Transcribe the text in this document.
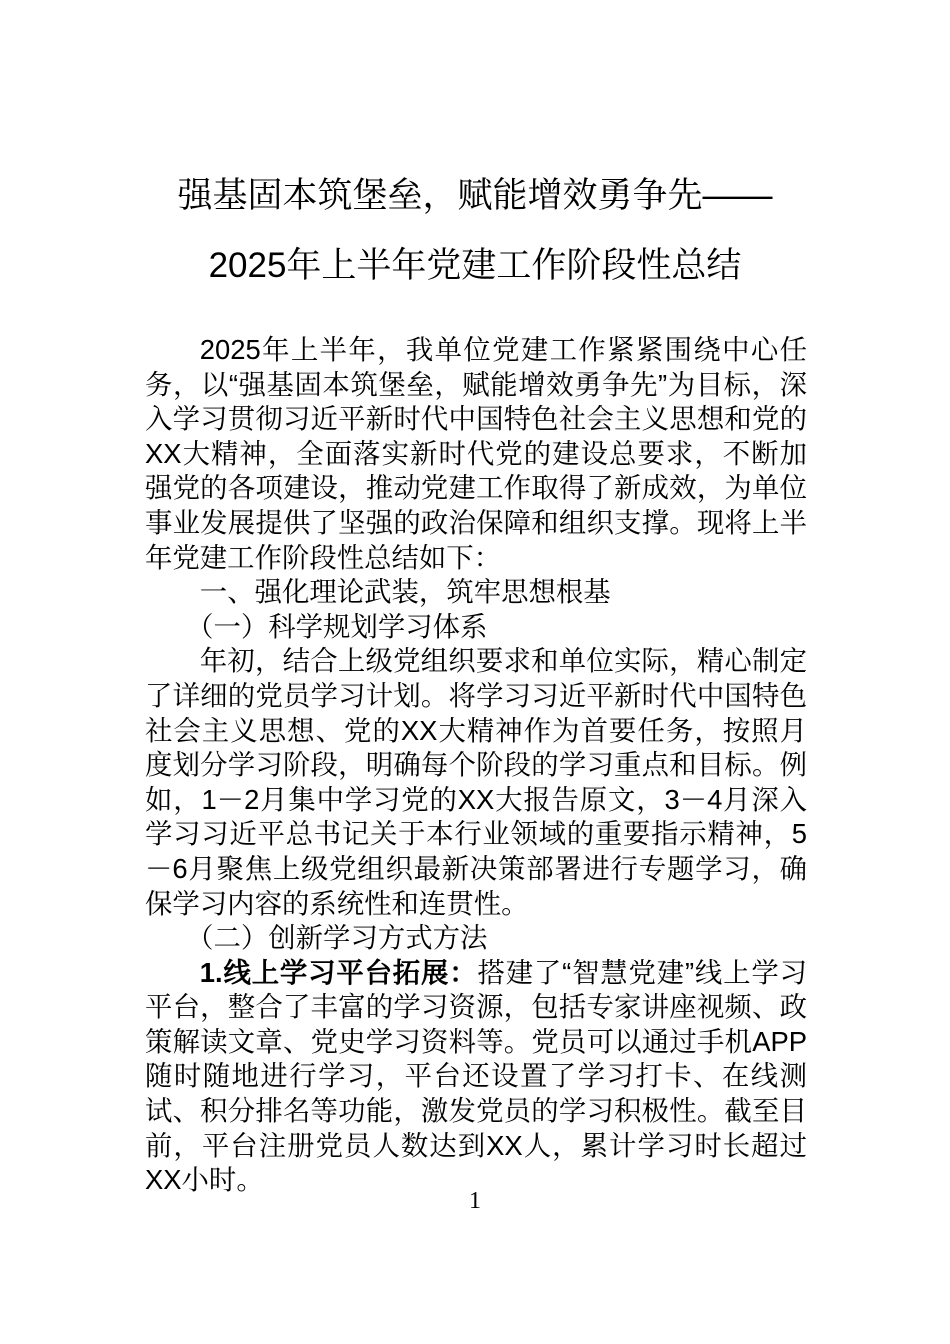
强基固本筑堡垒，赋能增效勇争先——
2025年上半年党建工作阶段性总结

2025年上半年，我单位党建工作紧紧围绕中心任务，以“强基固本筑堡垒，赋能增效勇争先”为目标，深入学习贯彻习近平新时代中国特色社会主义思想和党的XX大精神，全面落实新时代党的建设总要求，不断加强党的各项建设，推动党建工作取得了新成效，为单位事业发展提供了坚强的政治保障和组织支撑。现将上半年党建工作阶段性总结如下：

一、强化理论武装，筑牢思想根基

（一）科学规划学习体系

年初，结合上级党组织要求和单位实际，精心制定了详细的党员学习计划。将学习习近平新时代中国特色社会主义思想、党的XX大精神作为首要任务，按照月度划分学习阶段，明确每个阶段的学习重点和目标。例如，1－2月集中学习党的XX大报告原文，3－4月深入学习习近平总书记关于本行业领域的重要指示精神，5－6月聚焦上级党组织最新决策部署进行专题学习，确保学习内容的系统性和连贯性。

（二）创新学习方式方法

1.线上学习平台拓展：搭建了“智慧党建”线上学习平台，整合了丰富的学习资源，包括专家讲座视频、政策解读文章、党史学习资料等。党员可以通过手机APP随时随地进行学习，平台还设置了学习打卡、在线测试、积分排名等功能，激发党员的学习积极性。截至目前，平台注册党员人数达到XX人，累计学习时长超过XX小时。

1
